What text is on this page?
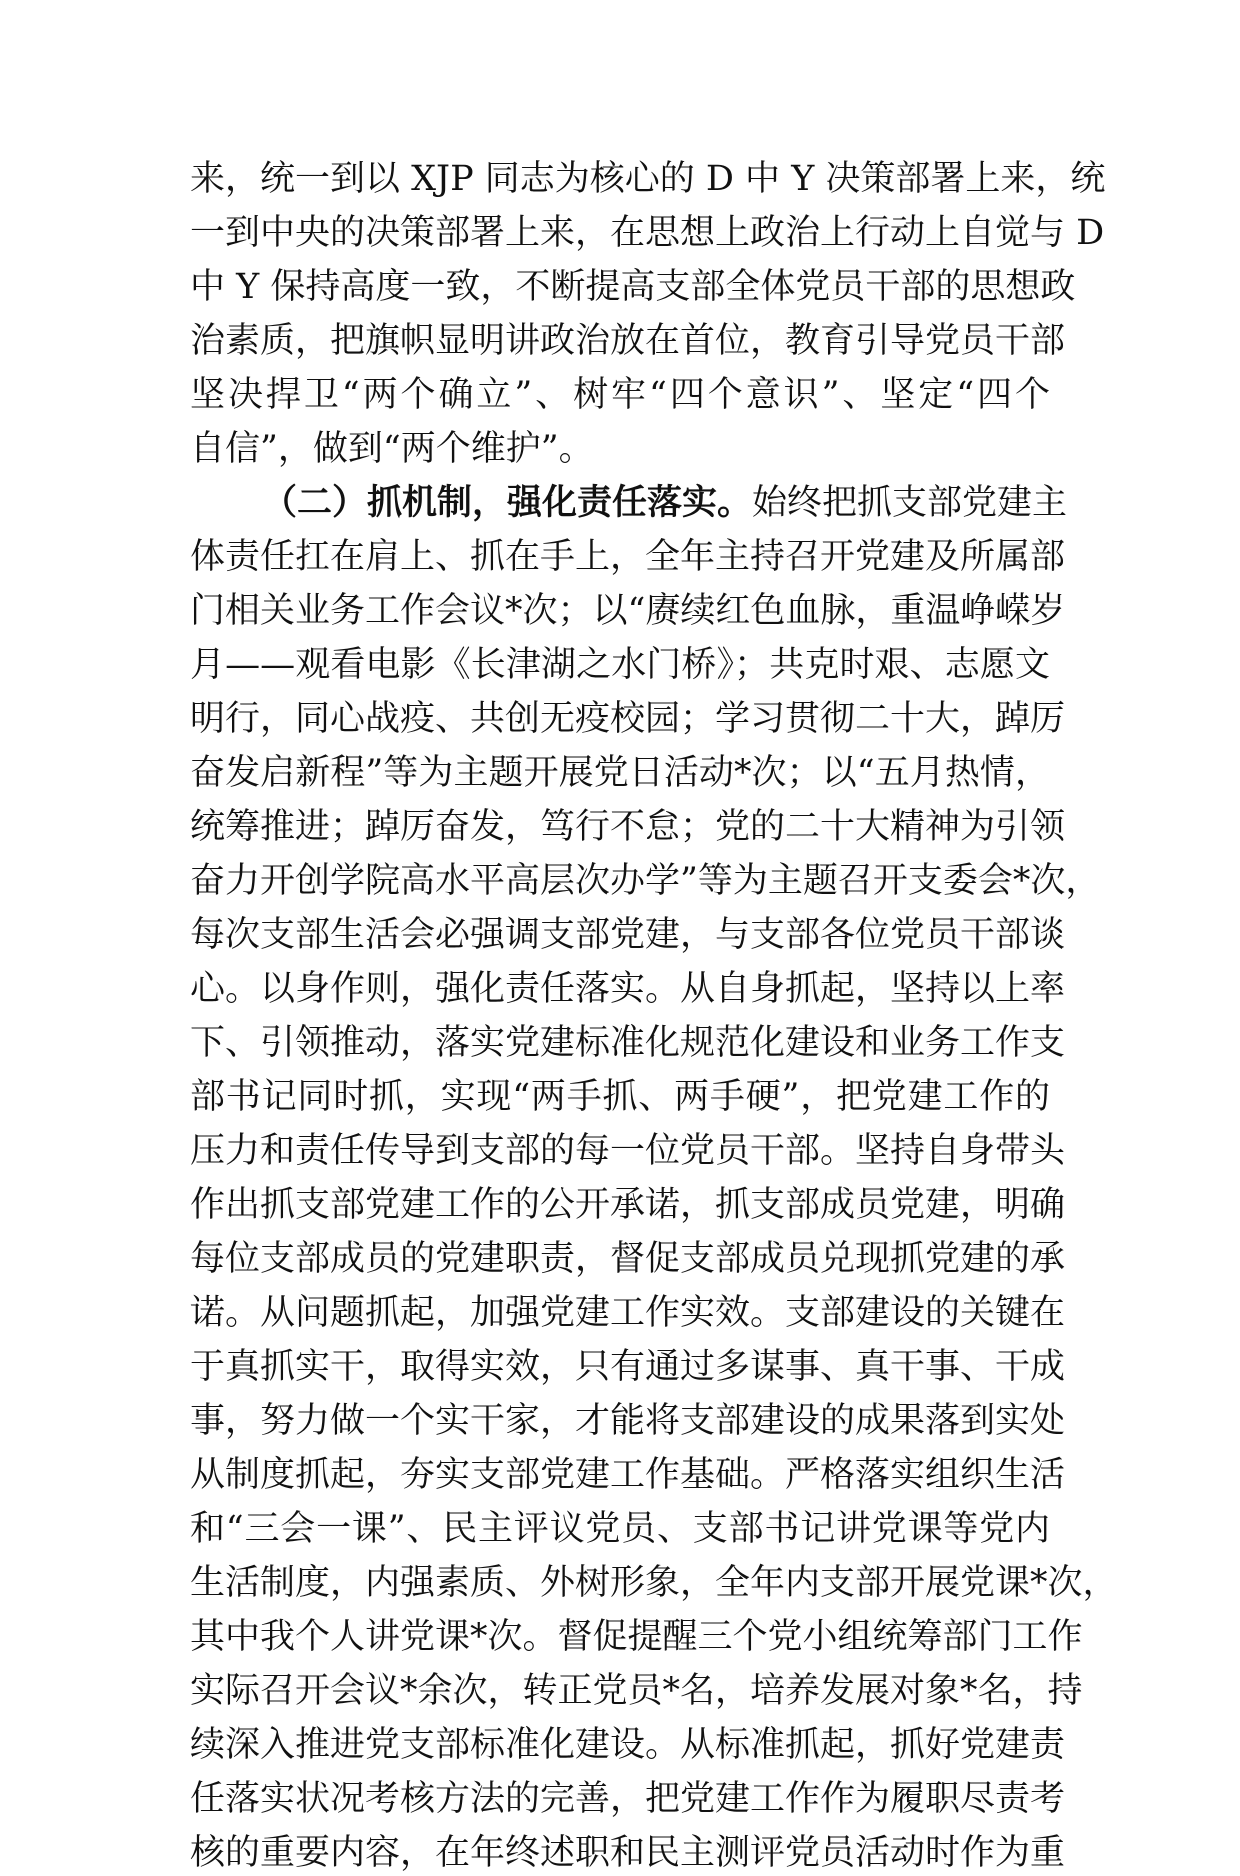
来，统一到以 XJP 同志为核心的 D 中 Y 决策部署上来，统
一到中央的决策部署上来，在思想上政治上行动上自觉与 D
中 Y 保持高度一致，不断提高支部全体党员干部的思想政
治素质，把旗帜显明讲政治放在首位，教育引导党员干部
坚决捍卫“两个确立”、树牢“四个意识”、坚定“四个
自信”，做到“两个维护”。
（二）抓机制，强化责任落实。始终把抓支部党建主
体责任扛在肩上、抓在手上，全年主持召开党建及所属部
门相关业务工作会议*次；以“赓续红色血脉，重温峥嵘岁
月——观看电影《长津湖之水门桥》；共克时艰、志愿文
明行，同心战疫、共创无疫校园；学习贯彻二十大，踔厉
奋发启新程”等为主题开展党日活动*次；以“五月热情，
统筹推进；踔厉奋发，笃行不怠；党的二十大精神为引领
奋力开创学院高水平高层次办学”等为主题召开支委会*次，
每次支部生活会必强调支部党建，与支部各位党员干部谈
心。以身作则，强化责任落实。从自身抓起，坚持以上率
下、引领推动，落实党建标准化规范化建设和业务工作支
部书记同时抓，实现“两手抓、两手硬”，把党建工作的
压力和责任传导到支部的每一位党员干部。坚持自身带头
作出抓支部党建工作的公开承诺，抓支部成员党建，明确
每位支部成员的党建职责，督促支部成员兑现抓党建的承
诺。从问题抓起，加强党建工作实效。支部建设的关键在
于真抓实干，取得实效，只有通过多谋事、真干事、干成
事，努力做一个实干家，才能将支部建设的成果落到实处
从制度抓起，夯实支部党建工作基础。严格落实组织生活
和“三会一课”、民主评议党员、支部书记讲党课等党内
生活制度，内强素质、外树形象，全年内支部开展党课*次，
其中我个人讲党课*次。督促提醒三个党小组统筹部门工作
实际召开会议*余次，转正党员*名，培养发展对象*名，持
续深入推进党支部标准化建设。从标准抓起，抓好党建责
任落实状况考核方法的完善，把党建工作作为履职尽责考
核的重要内容，在年终述职和民主测评党员活动时作为重
